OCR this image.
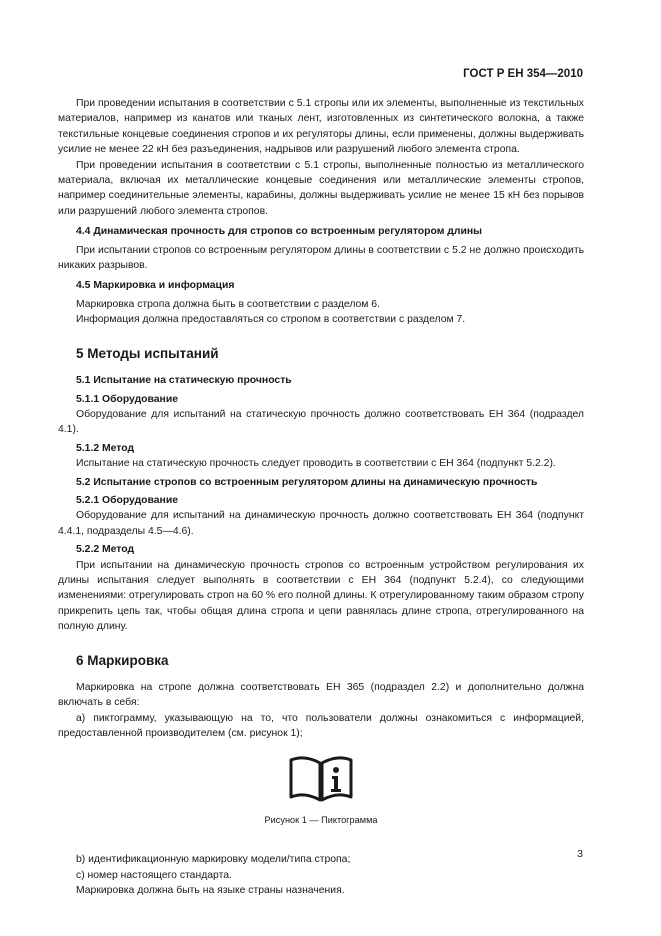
ГОСТ Р ЕН 354—2010

При проведении испытания в соответствии с 5.1 стропы или их элементы, выполненные из текстильных материалов, например из канатов или тканых лент, изготовленных из синтетического волокна, а также текстильные концевые соединения стропов и их регуляторы длины, если применены, должны выдерживать усилие не менее 22 кН без разъединения, надрывов или разрушений любого элемента стропа.

При проведении испытания в соответствии с 5.1 стропы, выполненные полностью из металлического материала, включая их металлические концевые соединения или металлические элементы стропов, например соединительные элементы, карабины, должны выдерживать усилие не менее 15 кН без порывов или разрушений любого элемента стропов.

4.4 Динамическая прочность для стропов со встроенным регулятором длины

При испытании стропов со встроенным регулятором длины в соответствии с 5.2 не должно происходить никаких разрывов.

4.5 Маркировка и информация

Маркировка стропа должна быть в соответствии с разделом 6.

Информация должна предоставляться со стропом в соответствии с разделом 7.

5 Методы испытаний

5.1 Испытание на статическую прочность

5.1.1 Оборудование

Оборудование для испытаний на статическую прочность должно соответствовать ЕН 364 (подраздел 4.1).

5.1.2 Метод

Испытание на статическую прочность следует проводить в соответствии с ЕН 364 (подпункт 5.2.2).

5.2 Испытание стропов со встроенным регулятором длины на динамическую прочность

5.2.1 Оборудование

Оборудование для испытаний на динамическую прочность должно соответствовать ЕН 364 (подпункт 4.4.1, подразделы 4.5—4.6).

5.2.2 Метод

При испытании на динамическую прочность стропов со встроенным устройством регулирования их длины испытания следует выполнять в соответствии с ЕН 364 (подпункт 5.2.4), со следующими изменениями: отрегулировать строп на 60 % его полной длины. К отрегулированному таким образом стропу прикрепить цепь так, чтобы общая длина стропа и цепи равнялась длине стропа, отрегулированного на полную длину.

6 Маркировка

Маркировка на стропе должна соответствовать ЕН 365 (подраздел 2.2) и дополнительно должна включать в себя:

а) пиктограмму, указывающую на то, что пользователи должны ознакомиться с информацией, предоставленной производителем (см. рисунок 1);

Рисунок 1 — Пиктограмма

b) идентификационную маркировку модели/типа стропа;

с) номер настоящего стандарта.

Маркировка должна быть на языке страны назначения.

3
